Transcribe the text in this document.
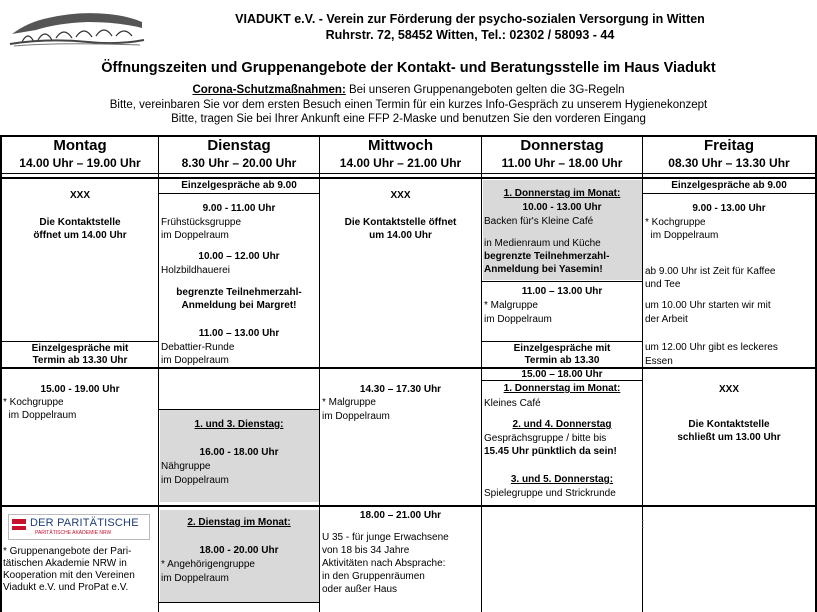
VIADUKT e.V. - Verein zur Förderung der psycho-sozialen Versorgung in Witten
Ruhrstr. 72, 58452 Witten, Tel.: 02302 / 58093 - 44
Öffnungszeiten und Gruppenangebote der Kontakt- und Beratungsstelle im Haus Viadukt
Corona-Schutzmaßnahmen: Bei unseren Gruppenangeboten gelten die 3G-Regeln
Bitte, vereinbaren Sie vor dem ersten Besuch einen Termin für ein kurzes Info-Gespräch zu unserem Hygienekonzept
Bitte, tragen Sie bei Ihrer Ankunft eine FFP 2-Maske und benutzen Sie den vorderen Eingang
Montag
14.00 Uhr – 19.00 Uhr
Dienstag
8.30 Uhr – 20.00 Uhr
Mittwoch
14.00 Uhr – 21.00 Uhr
Donnerstag
11.00 Uhr – 18.00 Uhr
Freitag
08.30 Uhr – 13.30 Uhr
XXX
Die Kontaktstelle
öffnet um 14.00 Uhr
Einzelgespräche mit
Termin ab 13.30 Uhr
15.00 - 19.00 Uhr
* Kochgruppe
im Doppelraum
DER PARITÄTISCHE
PARITÄTISCHE AKADEMIE NRW
* Gruppenangebote der Pari-
tätischen Akademie NRW in
Kooperation mit den Vereinen
Viadukt e.V. und ProPat e.V.
Einzelgespräche ab 9.00
9.00 - 11.00 Uhr
Frühstücksgruppe
im Doppelraum
10.00 – 12.00 Uhr
Holzbildhauerei
begrenzte Teilnehmerzahl-
Anmeldung bei Margret!
11.00 – 13.00 Uhr
Debattier-Runde
im Doppelraum
1. und 3. Dienstag:
16.00 - 18.00 Uhr
Nähgruppe
im Doppelraum
2. Dienstag im Monat:
18.00 - 20.00 Uhr
* Angehörigengruppe
im Doppelraum
XXX
Die Kontaktstelle öffnet
um 14.00 Uhr
14.30 – 17.30 Uhr
* Malgruppe
im Doppelraum
18.00 – 21.00 Uhr
U 35 - für junge Erwachsene
von 18 bis 34 Jahre
Aktivitäten nach Absprache:
in den Gruppenräumen
oder außer Haus
1. Donnerstag im Monat:
10.00 - 13.00 Uhr
Backen für's Kleine Café
in Medienraum und Küche
begrenzte Teilnehmerzahl-
Anmeldung bei Yasemin!
11.00 – 13.00 Uhr
* Malgruppe
im Doppelraum
Einzelgespräche mit
Termin ab 13.30
15.00 – 18.00 Uhr
1. Donnerstag im Monat:
Kleines Café
2. und 4. Donnerstag
Gesprächsgruppe / bitte bis
15.45 Uhr pünktlich da sein!
3. und 5. Donnerstag:
Spielegruppe und Strickrunde
⋮
Einzelgespräche ab 9.00
9.00 - 13.00 Uhr
* Kochgruppe
im Doppelraum
ab 9.00 Uhr ist Zeit für Kaffee
und Tee
um 10.00 Uhr starten wir mit
der Arbeit
um 12.00 Uhr gibt es leckeres
Essen
XXX
Die Kontaktstelle
schließt um 13.00 Uhr
